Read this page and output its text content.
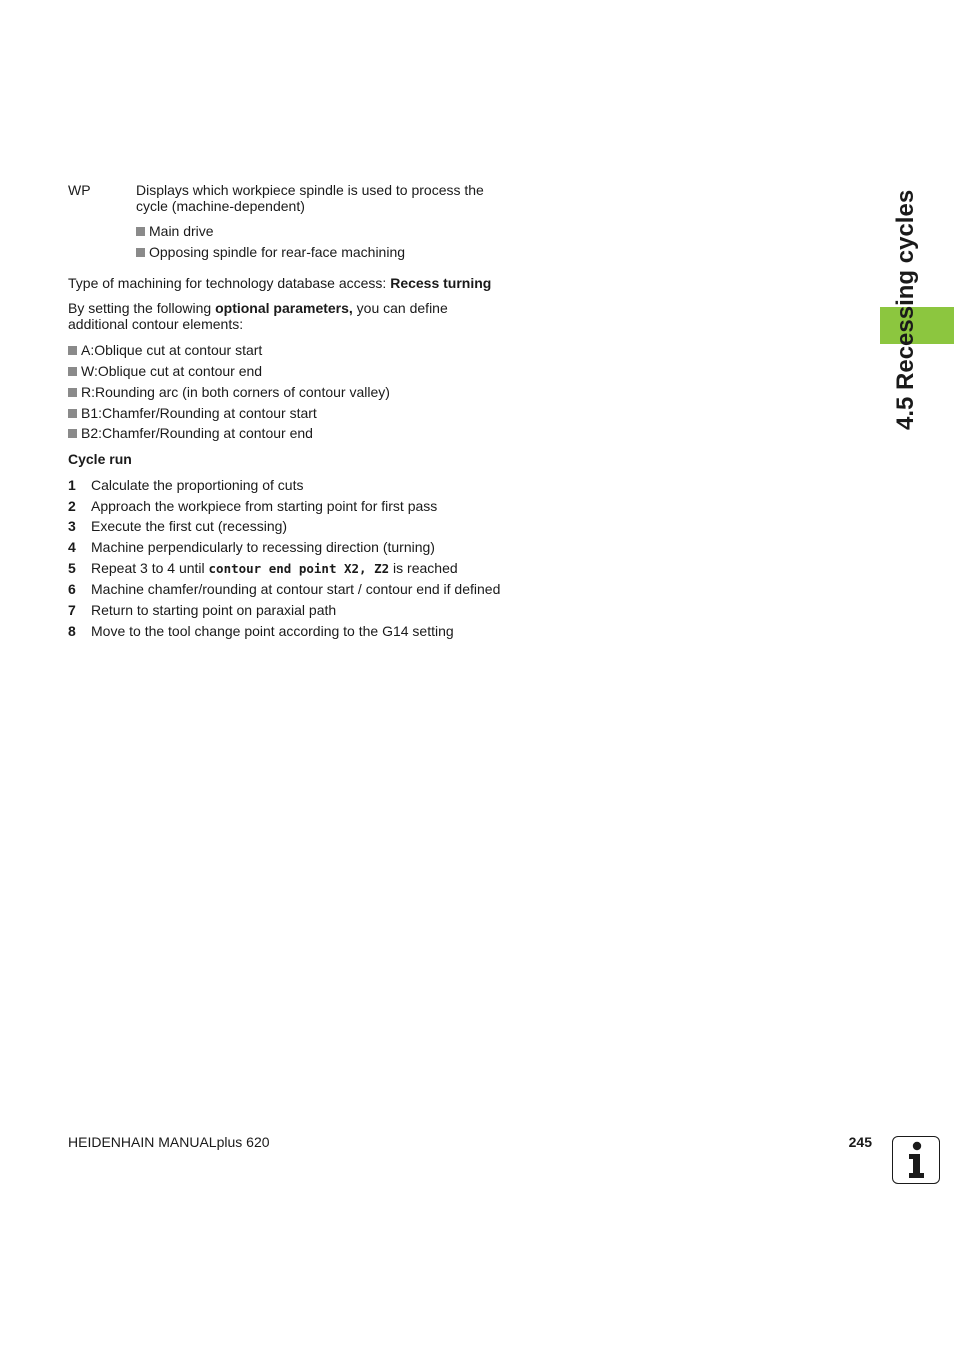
WP	Displays which workpiece spindle is used to process the
cycle (machine-dependent)
Main drive
Opposing spindle for rear-face machining
Type of machining for technology database access: Recess turning
By setting the following optional parameters, you can define
additional contour elements:
A:Oblique cut at contour start
W:Oblique cut at contour end
R:Rounding arc (in both corners of contour valley)
B1:Chamfer/Rounding at contour start
B2:Chamfer/Rounding at contour end
Cycle run
1 Calculate the proportioning of cuts
2 Approach the workpiece from starting point for first pass
3 Execute the first cut (recessing)
4 Machine perpendicularly to recessing direction (turning)
5 Repeat 3 to 4 until contour end point X2, Z2 is reached
6 Machine chamfer/rounding at contour start / contour end if defined
7 Return to starting point on paraxial path
8 Move to the tool change point according to the G14 setting
4.5 Recessing cycles
HEIDENHAIN MANUALplus 620	245
